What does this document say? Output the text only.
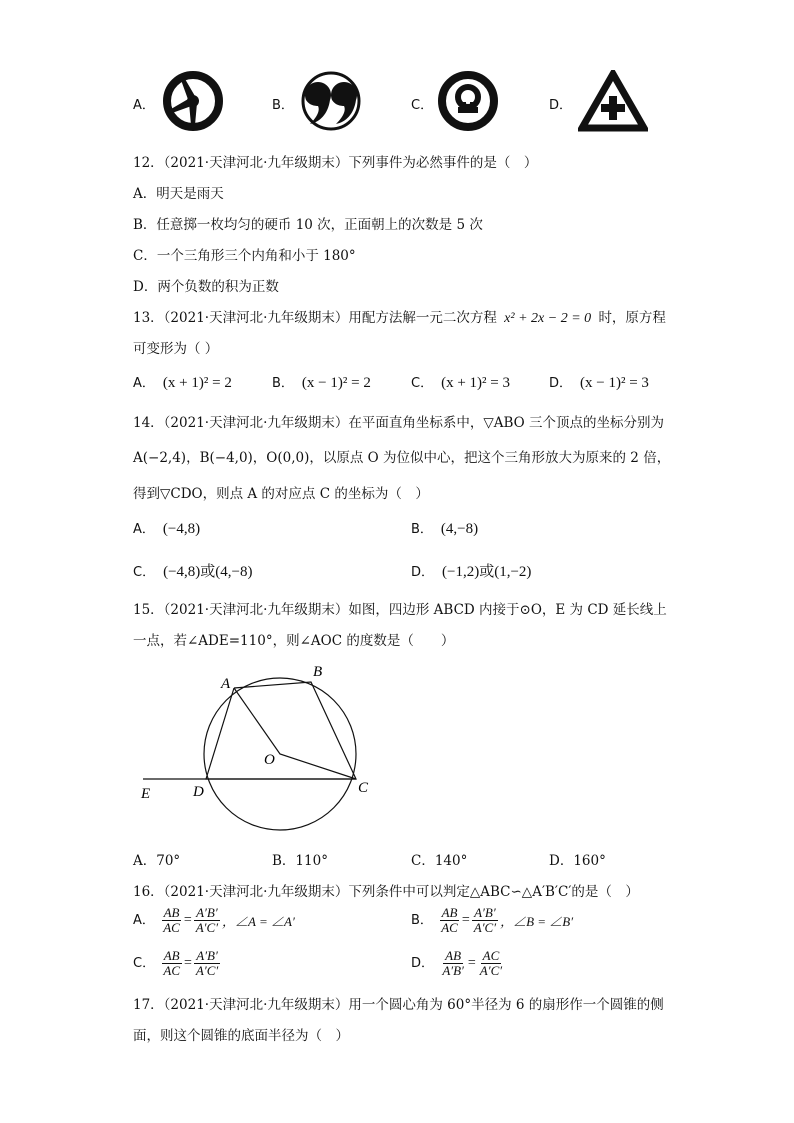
A．	B．	C．	D．
12．（2021·天津河北·九年级期末）下列事件为必然事件的是（　）
A．明天是雨天
B．任意掷一枚均匀的硬币 10 次，正面朝上的次数是 5 次
C．一个三角形三个内角和小于 180°
D．两个负数的积为正数
13．（2021·天津河北·九年级期末）用配方法解一元二次方程 x² + 2x − 2 = 0 时，原方程
可变形为（ ）
A． (x + 1)² = 2	B． (x − 1)² = 2	C． (x + 1)² = 3	D． (x − 1)² = 3
14．（2021·天津河北·九年级期末）在平面直角坐标系中，▽ABO 三个顶点的坐标分别为
A(−2,4)，B(−4,0)，O(0,0)，以原点 O 为位似中心，把这个三角形放大为原来的 2 倍，
得到▽CDO，则点 A 的对应点 C 的坐标为（　）
A． (−4,8)	B． (4,−8)
C． (−4,8)或(4,−8)	D． (−1,2)或(1,−2)
15．（2021·天津河北·九年级期末）如图，四边形 ABCD 内接于⊙O，E 为 CD 延长线上
一点，若∠ADE=110°，则∠AOC 的度数是（　　）
A
B
C
D
E
O
A．70°	B．110°	C．140°	D．160°
16．（2021·天津河北·九年级期末）下列条件中可以判定△ABC∽△A′B′C′的是（　）
A． $\frac{AB}{AC} = \frac{A'B'}{A'C'}$ ，∠A = ∠A′	B． $\frac{AB}{AC} = \frac{A'B'}{A'C'}$ ，∠B = ∠B′
C． $\frac{AB}{AC} = \frac{A'B'}{A'C'}$	D． $\frac{AB}{A'B'} = \frac{AC}{A'C'}$
17．（2021·天津河北·九年级期末）用一个圆心角为 60°半径为 6 的扇形作一个圆锥的侧
面，则这个圆锥的底面半径为（　）
